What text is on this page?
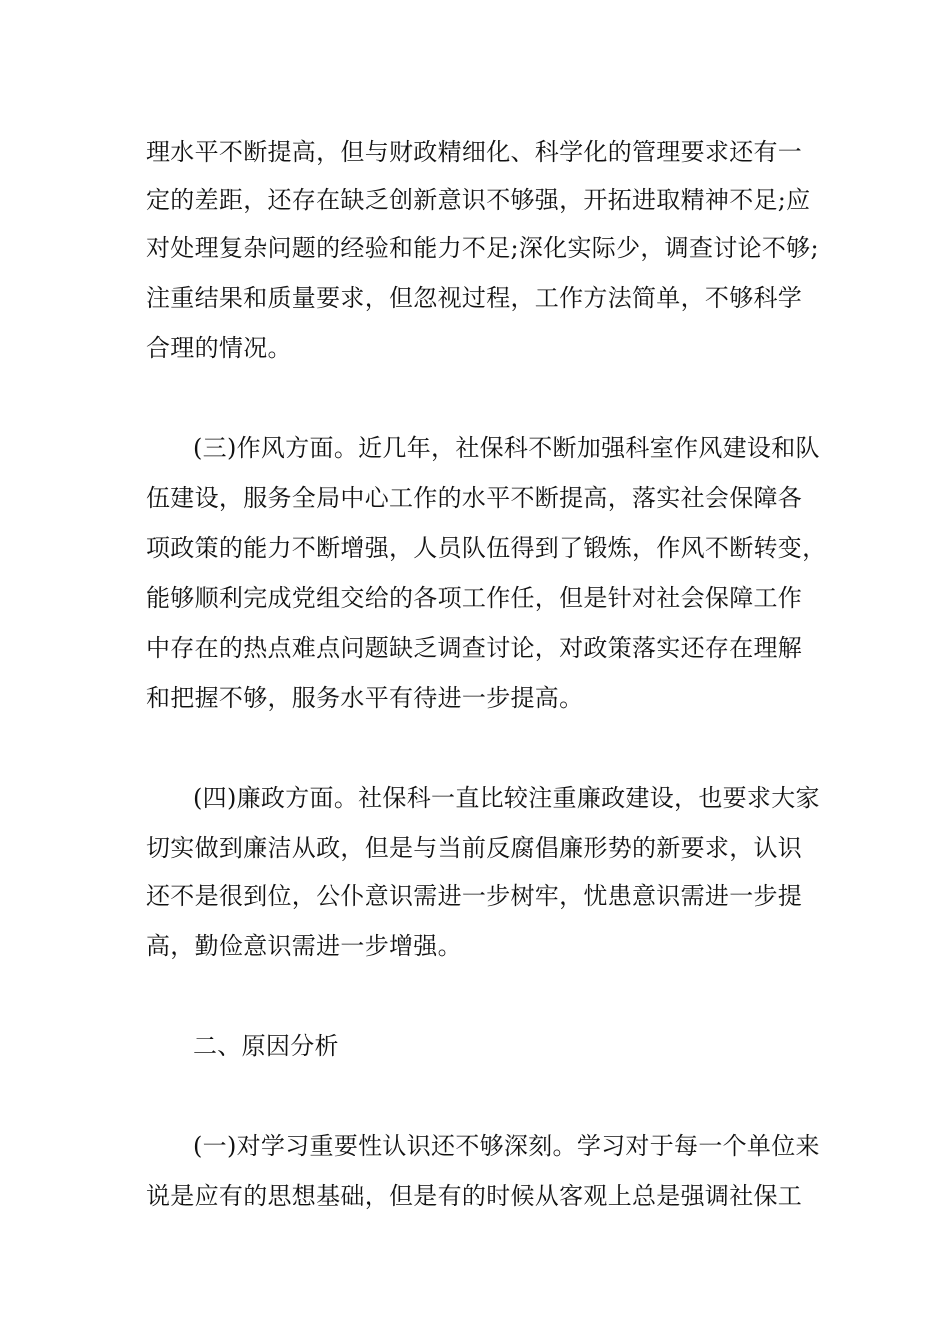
理水平不断提高，但与财政精细化、科学化的管理要求还有一
定的差距，还存在缺乏创新意识不够强，开拓进取精神不足;应
对处理复杂问题的经验和能力不足;深化实际少，调查讨论不够;
注重结果和质量要求，但忽视过程，工作方法简单，不够科学
合理的情况。
(三)作风方面。近几年，社保科不断加强科室作风建设和队
伍建设，服务全局中心工作的水平不断提高，落实社会保障各
项政策的能力不断增强，人员队伍得到了锻炼，作风不断转变，
能够顺利完成党组交给的各项工作任，但是针对社会保障工作
中存在的热点难点问题缺乏调查讨论，对政策落实还存在理解
和把握不够，服务水平有待进一步提高。
(四)廉政方面。社保科一直比较注重廉政建设，也要求大家
切实做到廉洁从政，但是与当前反腐倡廉形势的新要求，认识
还不是很到位，公仆意识需进一步树牢，忧患意识需进一步提
高，勤俭意识需进一步增强。
二、原因分析
(一)对学习重要性认识还不够深刻。学习对于每一个单位来
说是应有的思想基础，但是有的时候从客观上总是强调社保工
